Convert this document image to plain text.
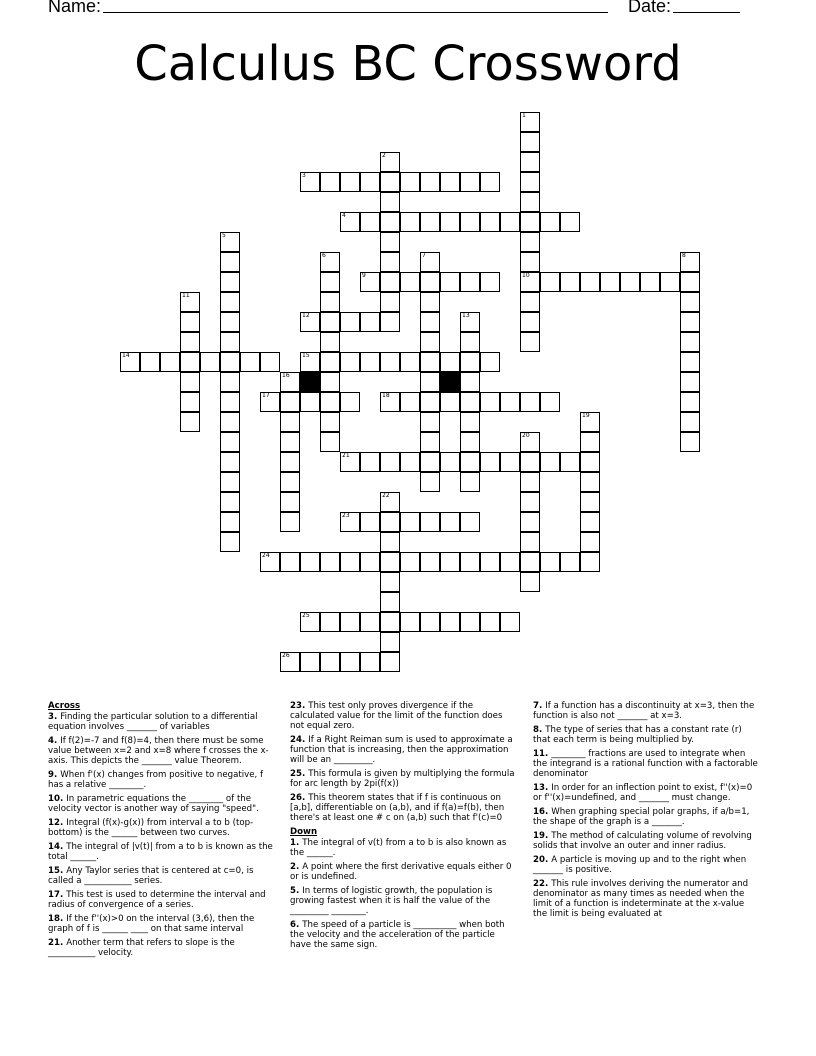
Name:	Date:
Calculus BC Crossword
1
10
2
3
4
5
6	7	8
9
11
12	13
14	15
16
17	18
19
20
21
22
23
24
25
26
Across
3. Finding the particular solution to a differential equation involves _______ of variables
4. If f(2)=-7 and f(8)=4, then there must be some value between x=2 and x=8 where f crosses the x-axis. This depicts the _______ value Theorem.
9. When f'(x) changes from positive to negative, f has a relative ________.
10. In parametric equations the ________ of the velocity vector is another way of saying "speed".
12. Integral (f(x)-g(x)) from interval a to b (top-bottom) is the ______ between two curves.
14. The integral of |v(t)| from a to b is known as the total ______.
15. Any Taylor series that is centered at c=0, is called a ___________ series.
17. This test is used to determine the interval and radius of convergence of a series.
18. If the f''(x)>0 on the interval (3,6), then the graph of f is ______ ____ on that same interval
21. Another term that refers to slope is the ___________ velocity.
23. This test only proves divergence if the calculated value for the limit of the function does not equal zero.
24. If a Right Reiman sum is used to approximate a function that is increasing, then the approximation will be an _________.
25. This formula is given by multiplying the formula for arc length by 2pi(f(x))
26. This theorem states that if f is continuous on [a,b], differentiable on (a,b), and if f(a)=f(b), then there's at least one # c on (a,b) such that f'(c)=0
Down
1. The integral of v(t) from a to b is also known as the ______.
2. A point where the first derivative equals either 0 or is undefined.
5. In terms of logistic growth, the population is growing fastest when it is half the value of the _________ ________.
6. The speed of a particle is __________ when both the velocity and the acceleration of the particle have the same sign.
7. If a function has a discontinuity at x=3, then the function is also not _______ at x=3.
8. The type of series that has a constant rate (r) that each term is being multiplied by.
11. ________ fractions are used to integrate when the integrand is a rational function with a factorable denominator
13. In order for an inflection point to exist, f''(x)=0 or f''(x)=undefined, and _______ must change.
16. When graphing special polar graphs, if a/b=1, the shape of the graph is a _______.
19. The method of calculating volume of revolving solids that involve an outer and inner radius.
20. A particle is moving up and to the right when _______ is positive.
22. This rule involves deriving the numerator and denominator as many times as needed when the limit of a function is indeterminate at the x-value the limit is being evaluated at
